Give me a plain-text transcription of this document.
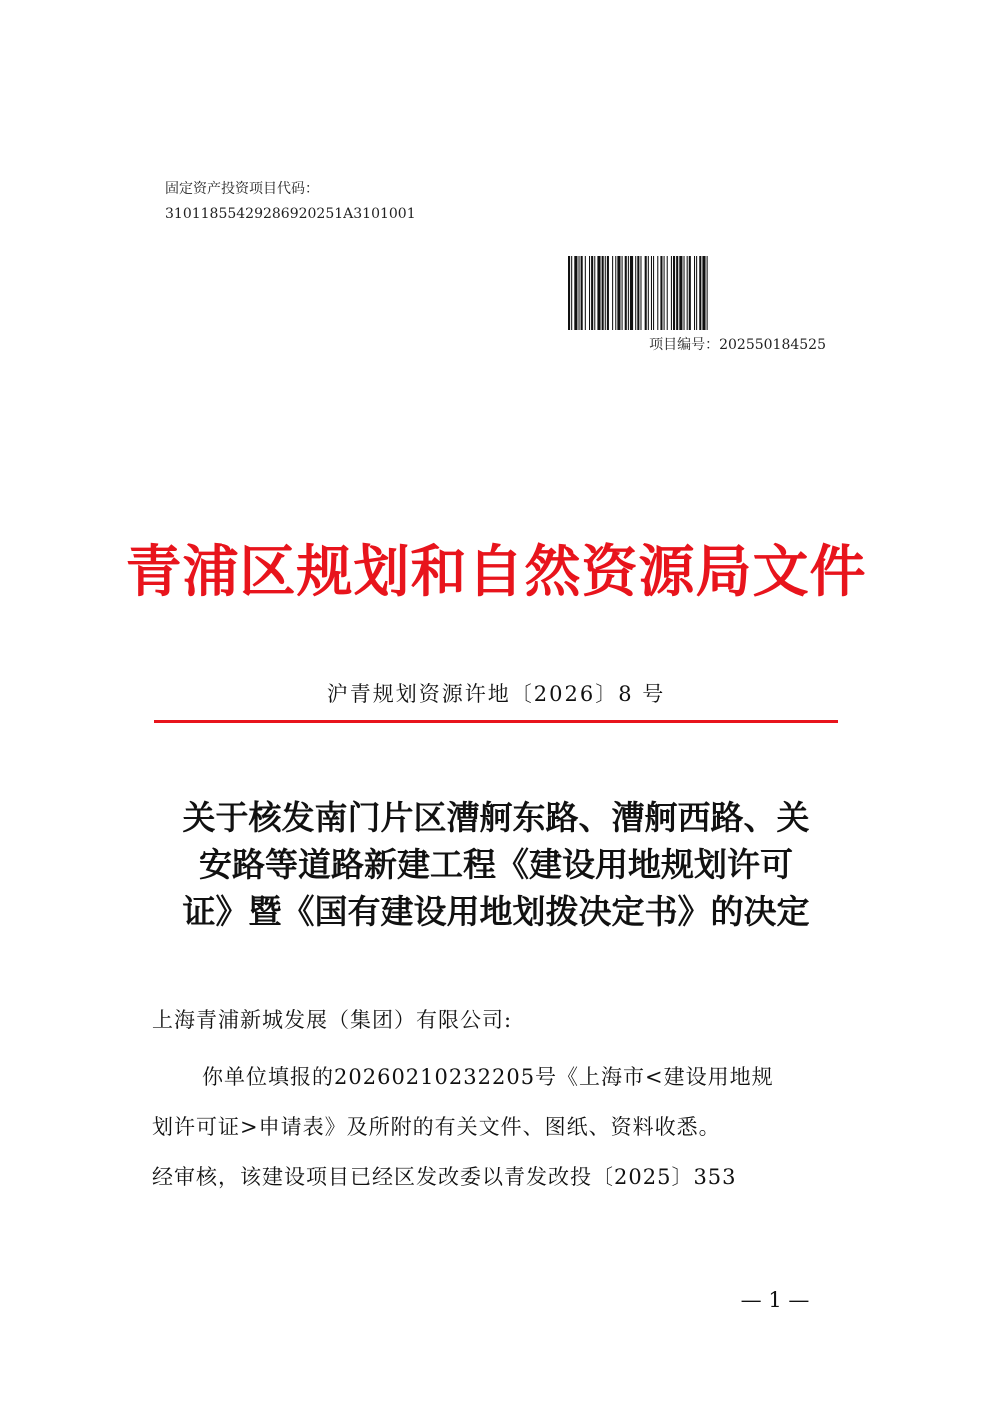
固定资产投资项目代码：
31011855429286920251A3101001
项目编号：202550184525
青浦区规划和自然资源局文件
沪青规划资源许地〔2026〕8 号
关于核发南门片区漕舸东路、漕舸西路、关
安路等道路新建工程《建设用地规划许可
证》暨《国有建设用地划拨决定书》的决定
上海青浦新城发展（集团）有限公司:
你单位填报的20260210232205号《上海市<建设用地规
划许可证>申请表》及所附的有关文件、图纸、资料收悉。
经审核，该建设项目已经区发改委以青发改投〔2025〕353
— 1 —
